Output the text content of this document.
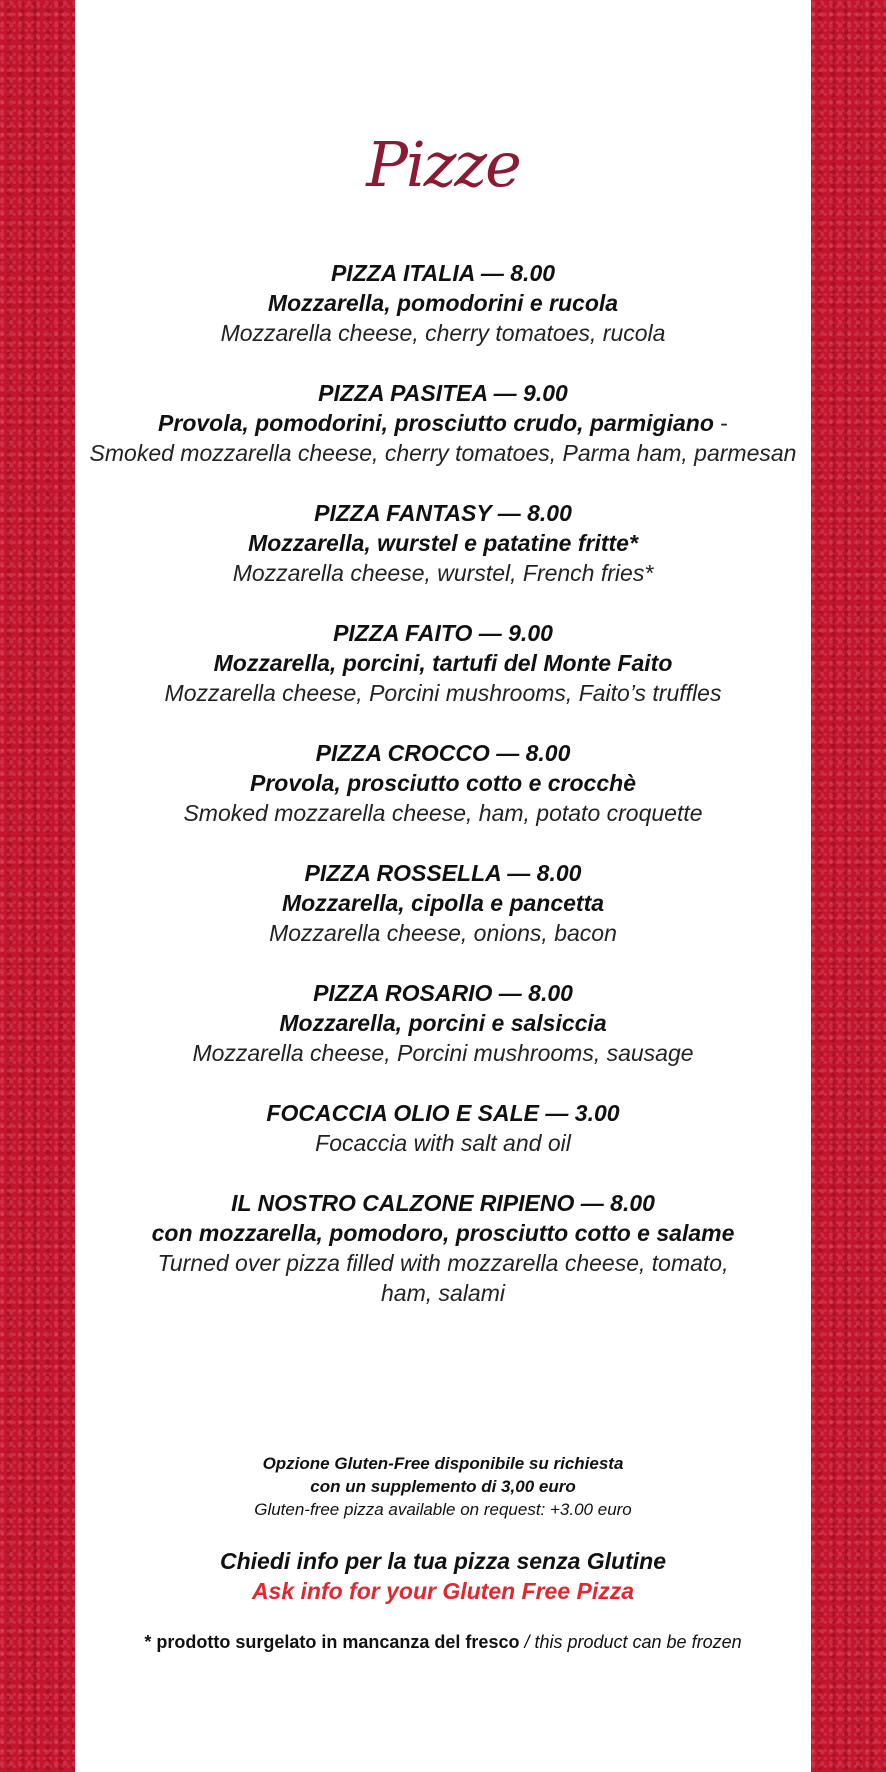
Pizze
PIZZA ITALIA — 8.00
Mozzarella, pomodorini e rucola
Mozzarella cheese, cherry tomatoes, rucola
PIZZA PASITEA — 9.00
Provola, pomodorini, prosciutto crudo, parmigiano -
Smoked mozzarella cheese, cherry tomatoes, Parma ham, parmesan
PIZZA FANTASY — 8.00
Mozzarella, wurstel e patatine fritte*
Mozzarella cheese, wurstel, French fries*
PIZZA FAITO — 9.00
Mozzarella, porcini, tartufi del Monte Faito
Mozzarella cheese, Porcini mushrooms, Faito’s truffles
PIZZA CROCCO — 8.00
Provola, prosciutto cotto e crocchè
Smoked mozzarella cheese, ham, potato croquette
PIZZA ROSSELLA — 8.00
Mozzarella, cipolla e pancetta
Mozzarella cheese, onions, bacon
PIZZA ROSARIO — 8.00
Mozzarella, porcini e salsiccia
Mozzarella cheese, Porcini mushrooms, sausage
FOCACCIA OLIO E SALE — 3.00
Focaccia with salt and oil
IL NOSTRO CALZONE RIPIENO — 8.00
con mozzarella, pomodoro, prosciutto cotto e salame
Turned over pizza filled with mozzarella cheese, tomato, ham, salami
Opzione Gluten-Free disponibile su richiesta
con un supplemento di 3,00 euro
Gluten-free pizza available on request: +3.00 euro
Chiedi info per la tua pizza senza Glutine
Ask info for your Gluten Free Pizza
* prodotto surgelato in mancanza del fresco / this product can be frozen
